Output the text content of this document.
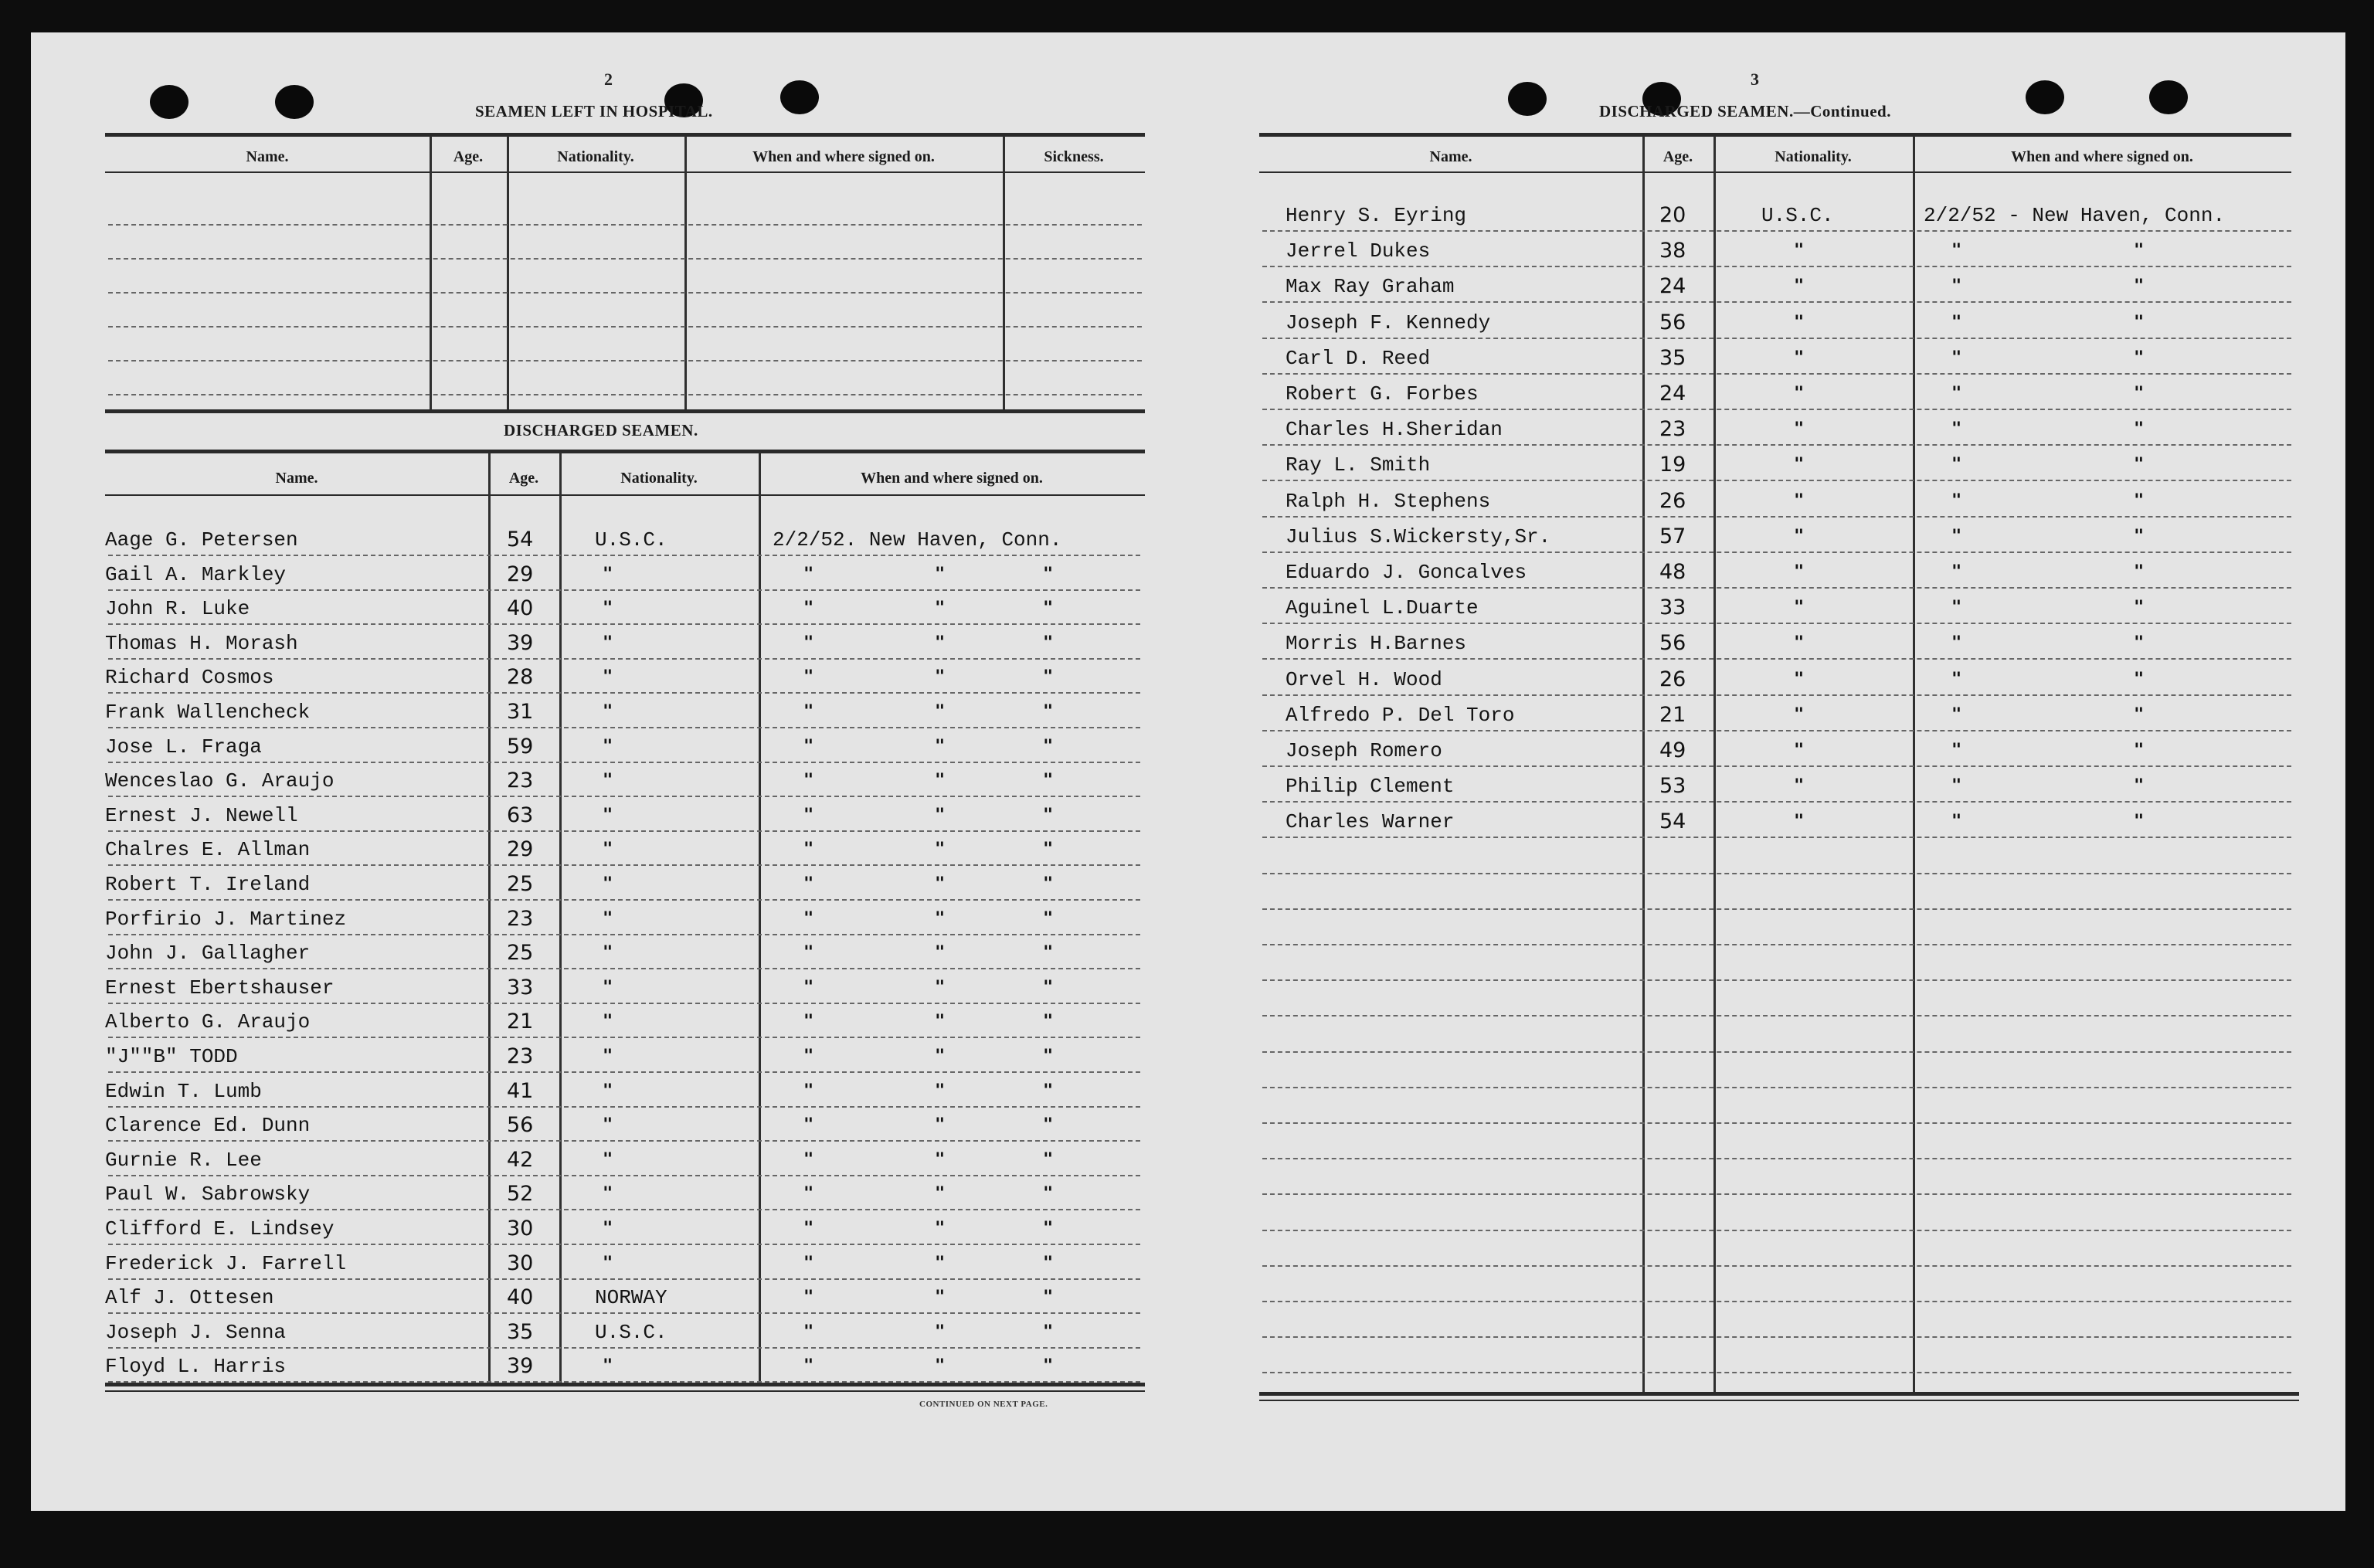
2
SEAMEN LEFT IN HOSPITAL.
Name.	Age.	Nationality.	When and where signed on.	Sickness.
DISCHARGED SEAMEN.
Name.	Age.	Nationality.	When and where signed on.
Aage G. Petersen	54	U.S.C.	2/2/52. New Haven, Conn.
Gail A. Markley	29	"	"	"	"
John R. Luke	40	"	"	"	"
Thomas H. Morash	39	"	"	"	"
Richard Cosmos	28	"	"	"	"
Frank Wallencheck	31	"	"	"	"
Jose L. Fraga	59	"	"	"	"
Wenceslao G. Araujo	23	"	"	"	"
Ernest J. Newell	63	"	"	"	"
Chalres E. Allman	29	"	"	"	"
Robert T. Ireland	25	"	"	"	"
Porfirio J. Martinez	23	"	"	"	"
John J. Gallagher	25	"	"	"	"
Ernest Ebertshauser	33	"	"	"	"
Alberto G. Araujo	21	"	"	"	"
"J""B" TODD	23	"	"	"	"
Edwin T. Lumb	41	"	"	"	"
Clarence Ed. Dunn	56	"	"	"	"
Gurnie R. Lee	42	"	"	"	"
Paul W. Sabrowsky	52	"	"	"	"
Clifford E. Lindsey	30	"	"	"	"
Frederick J. Farrell	30	"	"	"	"
Alf J. Ottesen	40	NORWAY	"	"	"
Joseph J. Senna	35	U.S.C.	"	"	"
Floyd L. Harris	39	"	"	"	"
CONTINUED ON NEXT PAGE.
3
DISCHARGED SEAMEN.—Continued.
Name.	Age.	Nationality.	When and where signed on.
Henry S. Eyring	20	U.S.C.	2/2/52 - New Haven, Conn.
Jerrel Dukes	38	"	"	"
Max Ray Graham	24	"	"	"
Joseph F. Kennedy	56	"	"	"
Carl D. Reed	35	"	"	"
Robert G. Forbes	24	"	"	"
Charles H.Sheridan	23	"	"	"
Ray L. Smith	19	"	"	"
Ralph H. Stephens	26	"	"	"
Julius S.Wickersty,Sr.	57	"	"	"
Eduardo J. Goncalves	48	"	"	"
Aguinel L.Duarte	33	"	"	"
Morris H.Barnes	56	"	"	"
Orvel H. Wood	26	"	"	"
Alfredo P. Del Toro	21	"	"	"
Joseph Romero	49	"	"	"
Philip Clement	53	"	"	"
Charles Warner	54	"	"	"
